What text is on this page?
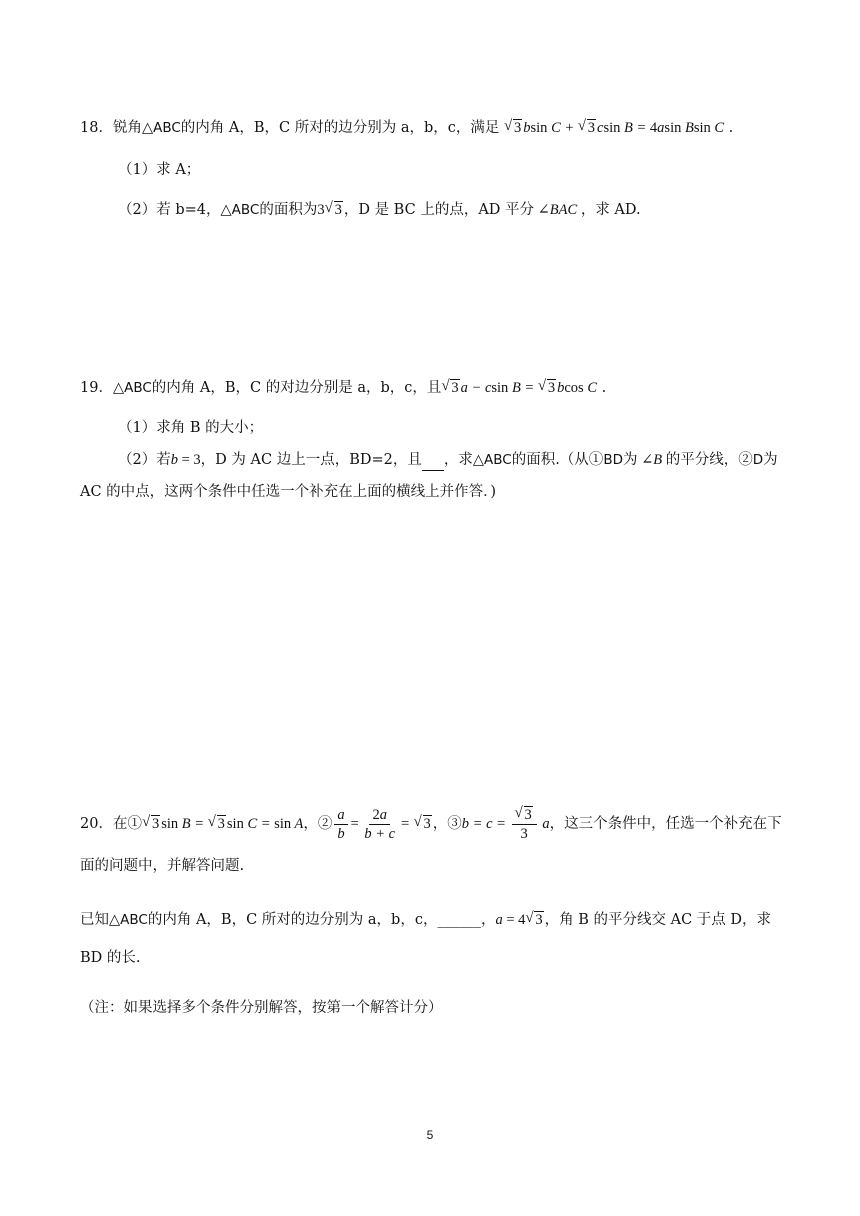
18．锐角△ABC的内角 A，B，C 所对的边分别为 a，b，c，满足 √ 3 bsin C + √ 3 csin B = 4asin Bsin C .
（1）求 A；
（2）若 b=4，△ABC的面积为3 √ 3 ，D 是 BC 上的点，AD 平分 ∠BAC ，求 AD.
19．△ABC的内角 A，B，C 的对边分别是 a，b，c，且 √ 3 a − csin B = √ 3 bcos C .
（1）求角 B 的大小；
（2）若b = 3，D 为 AC 边上一点，BD=2，且 ，求△ABC的面积.（从①BD为 ∠B 的平分线，②D为
AC 的中点，这两个条件中任选一个补充在上面的横线上并作答．)
20．在① √ 3 sin B = √ 3 sin C = sin A，② $\frac{a}{b} = \frac{2a}{b + c}$ = √ 3 ，③b = c = √ $\frac{3}{3}$ a，这三个条件中，任选一个补充在下
面的问题中，并解答问题.
已知△ABC的内角 A，B，C 所对的边分别为 a，b，c，______，a = 4 √ 3 ，角 B 的平分线交 AC 于点 D，求
BD 的长.
（注：如果选择多个条件分别解答，按第一个解答计分）
5
